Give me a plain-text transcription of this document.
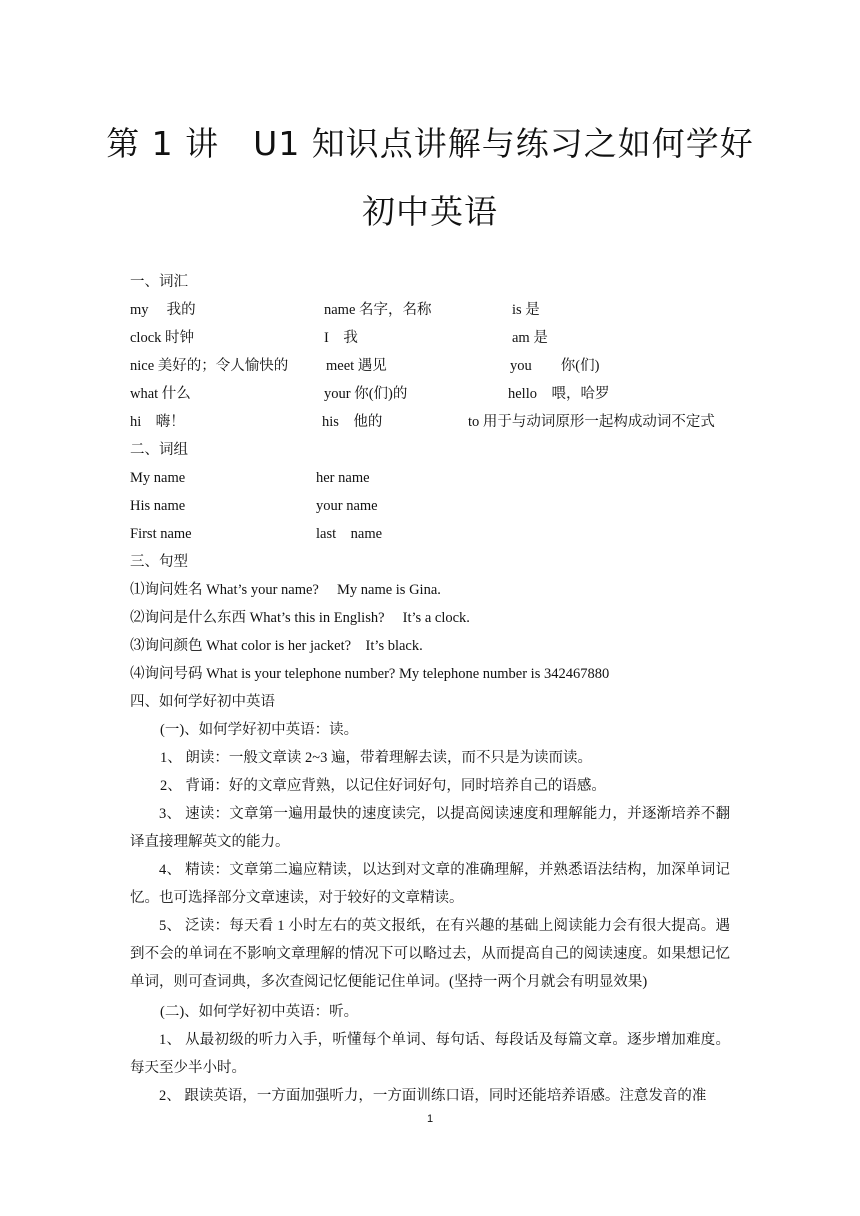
第 1 讲　U1 知识点讲解与练习之如何学好
初中英语
一、词汇
my　 我的	name 名字，名称	is 是
clock 时钟	I　我	am 是
nice 美好的；令人愉快的	meet 遇见	you　　你(们)
what 什么	your 你(们)的	hello　喂，哈罗
hi　嗨！	his　他的	to 用于与动词原形一起构成动词不定式
二、词组
My name	her name
His name	your name
First name	last　name
三、句型
⑴询问姓名 What’s your name?　 My name is Gina.
⑵询问是什么东西 What’s this in English?　 It’s a clock.
⑶询问颜色 What color is her jacket?　It’s black.
⑷询问号码 What is your telephone number? My telephone number is 342467880
四、如何学好初中英语
(一)、如何学好初中英语：读。
1、 朗读：一般文章读 2~3 遍，带着理解去读，而不只是为读而读。
2、 背诵：好的文章应背熟，以记住好词好句，同时培养自己的语感。
3、 速读：文章第一遍用最快的速度读完，以提高阅读速度和理解能力，并逐渐培养不翻译直接理解英文的能力。
4、 精读：文章第二遍应精读，以达到对文章的准确理解，并熟悉语法结构，加深单词记忆。也可选择部分文章速读，对于较好的文章精读。
5、 泛读：每天看 1 小时左右的英文报纸，在有兴趣的基础上阅读能力会有很大提高。遇到不会的单词在不影响文章理解的情况下可以略过去，从而提高自己的阅读速度。如果想记忆单词，则可查词典，多次查阅记忆便能记住单词。(坚持一两个月就会有明显效果)
(二)、如何学好初中英语：听。
1、 从最初级的听力入手，听懂每个单词、每句话、每段话及每篇文章。逐步增加难度。每天至少半小时。
2、 跟读英语，一方面加强听力，一方面训练口语，同时还能培养语感。注意发音的准
1
